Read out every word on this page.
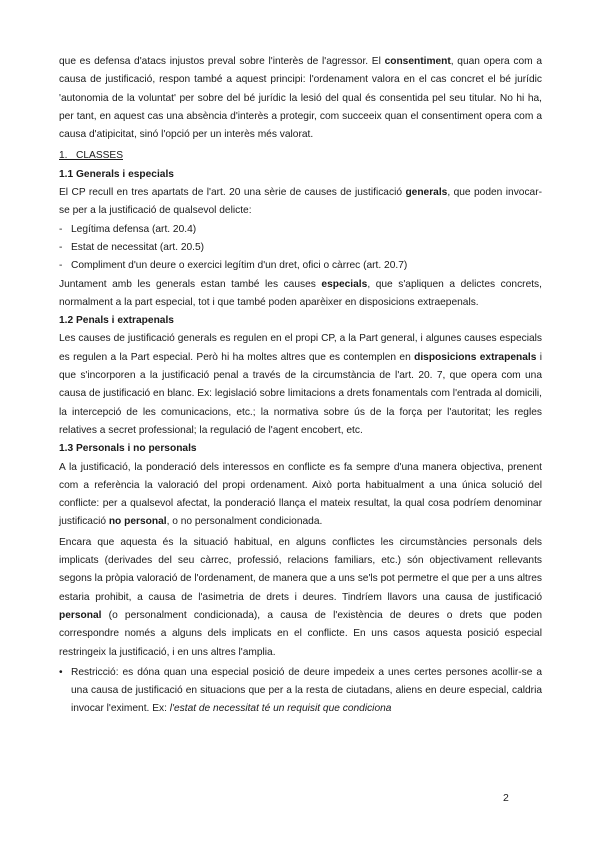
que es defensa d'atacs injustos preval sobre l'interès de l'agressor. El consentiment, quan opera com a causa de justificació, respon també a aquest principi: l'ordenament valora en el cas concret el bé jurídic 'autonomia de la voluntat' per sobre del bé jurídic la lesió del qual és consentida pel seu titular. No hi ha, per tant, en aquest cas una absència d'interès a protegir, com succeeix quan el consentiment opera com a causa d'atipicitat, sinó l'opció per un interès més valorat.

1. CLASSES

1.1 Generals i especials

El CP recull en tres apartats de l'art. 20 una sèrie de causes de justificació generals, que poden invocar-se per a la justificació de qualsevol delicte:

- Legítima defensa (art. 20.4)
- Estat de necessitat (art. 20.5)
- Compliment d'un deure o exercici legítim d'un dret, ofici o càrrec (art. 20.7)

Juntament amb les generals estan també les causes especials, que s'apliquen a delictes concrets, normalment a la part especial, tot i que també poden aparèixer en disposicions extraepenals.

1.2 Penals i extrapenals

Les causes de justificació generals es regulen en el propi CP, a la Part general, i algunes causes especials es regulen a la Part especial. Però hi ha moltes altres que es contemplen en disposicions extrapenals i que s'incorporen a la justificació penal a través de la circumstància de l'art. 20. 7, que opera com una causa de justificació en blanc. Ex: legislació sobre limitacions a drets fonamentals com l'entrada al domicili, la intercepció de les comunicacions, etc.; la normativa sobre ús de la força per l'autoritat; les regles relatives a secret professional; la regulació de l'agent encobert, etc.

1.3 Personals i no personals

A la justificació, la ponderació dels interessos en conflicte es fa sempre d'una manera objectiva, prenent com a referència la valoració del propi ordenament. Això porta habitualment a una única solució del conflicte: per a qualsevol afectat, la ponderació llança el mateix resultat, la qual cosa podríem denominar justificació no personal, o no personalment condicionada.

Encara que aquesta és la situació habitual, en alguns conflictes les circumstàncies personals dels implicats (derivades del seu càrrec, professió, relacions familiars, etc.) són objectivament rellevants segons la pròpia valoració de l'ordenament, de manera que a uns se'ls pot permetre el que per a uns altres estaria prohibit, a causa de l'asimetria de drets i deures. Tindríem llavors una causa de justificació personal (o personalment condicionada), a causa de l'existència de deures o drets que poden correspondre només a alguns dels implicats en el conflicte. En uns casos aquesta posició especial restringeix la justificació, i en uns altres l'amplia.

• Restricció: es dóna quan una especial posició de deure impedeix a unes certes persones acollir-se a una causa de justificació en situacions que per a la resta de ciutadans, aliens en deure especial, caldria invocar l'eximent. Ex: l'estat de necessitat té un requisit que condiciona
2
